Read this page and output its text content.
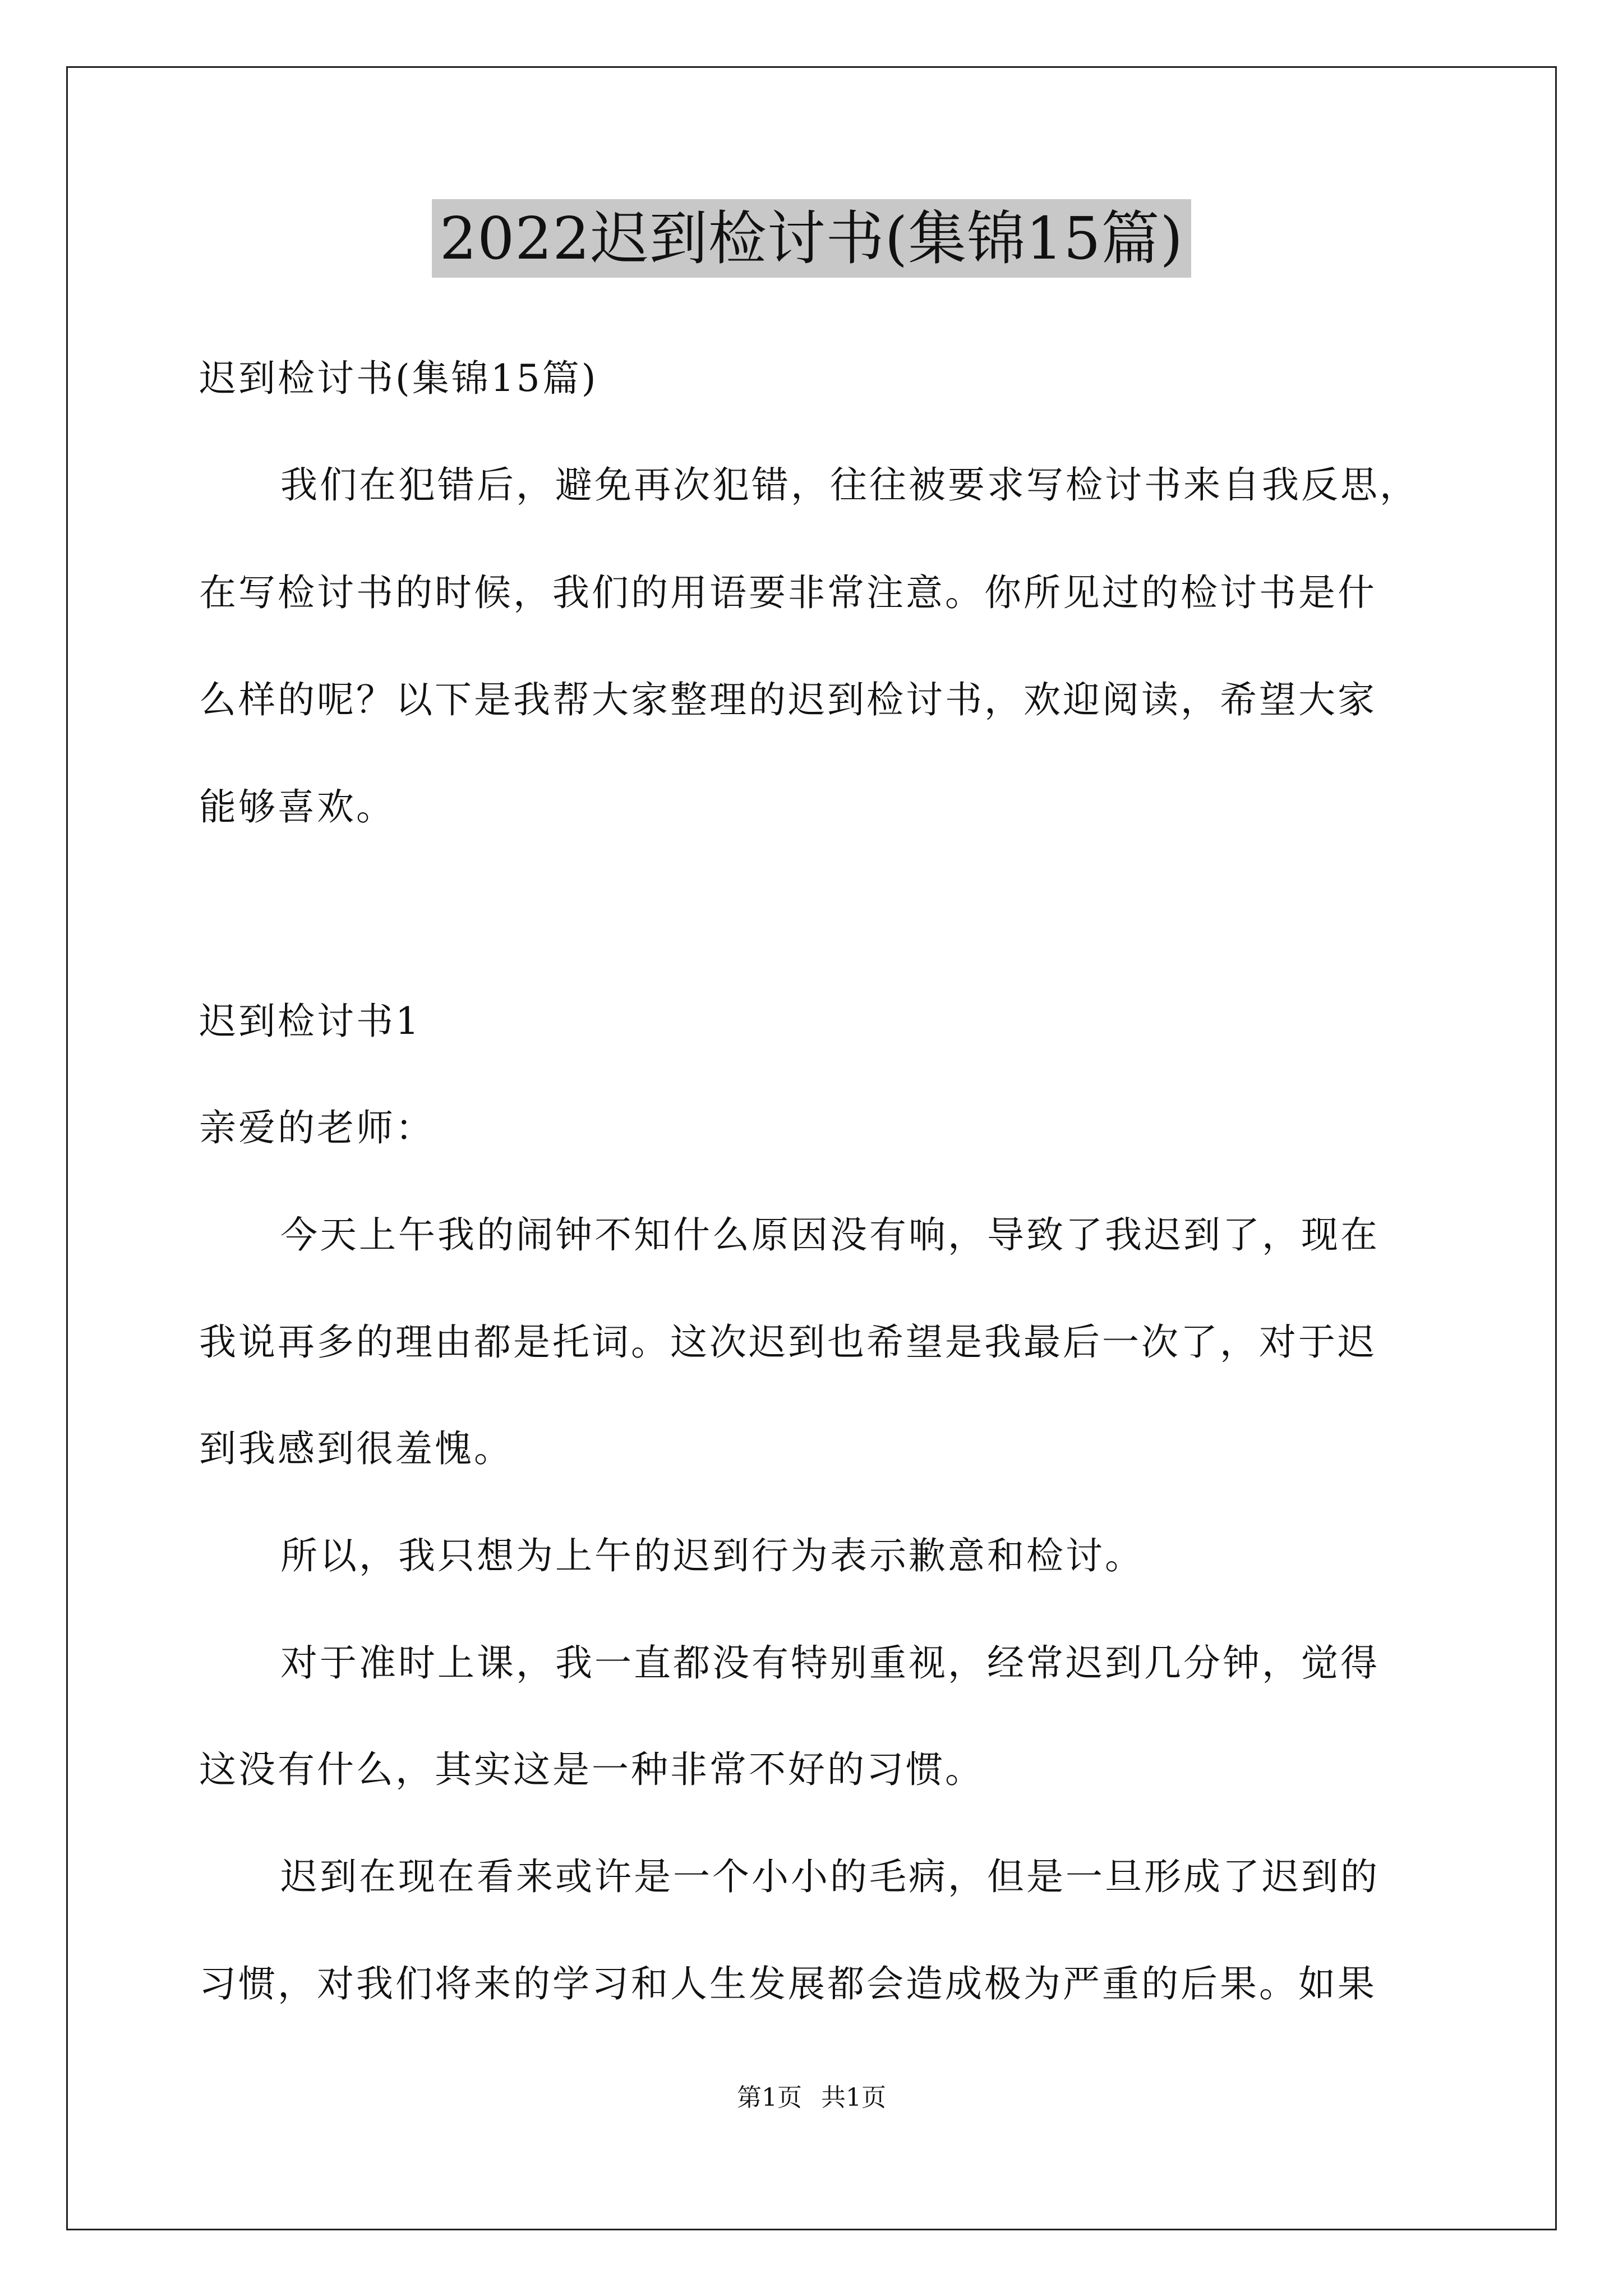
2022迟到检讨书(集锦15篇)
迟到检讨书(集锦15篇)
我们在犯错后，避免再次犯错，往往被要求写检讨书来自我反思，
在写检讨书的时候，我们的用语要非常注意。你所见过的检讨书是什
么样的呢？以下是我帮大家整理的迟到检讨书，欢迎阅读，希望大家
能够喜欢。
迟到检讨书1
亲爱的老师：
今天上午我的闹钟不知什么原因没有响，导致了我迟到了，现在
我说再多的理由都是托词。这次迟到也希望是我最后一次了，对于迟
到我感到很羞愧。
所以，我只想为上午的迟到行为表示歉意和检讨。
对于准时上课，我一直都没有特别重视，经常迟到几分钟，觉得
这没有什么，其实这是一种非常不好的习惯。
迟到在现在看来或许是一个小小的毛病，但是一旦形成了迟到的
习惯，对我们将来的学习和人生发展都会造成极为严重的后果。如果
第1页 共1页
